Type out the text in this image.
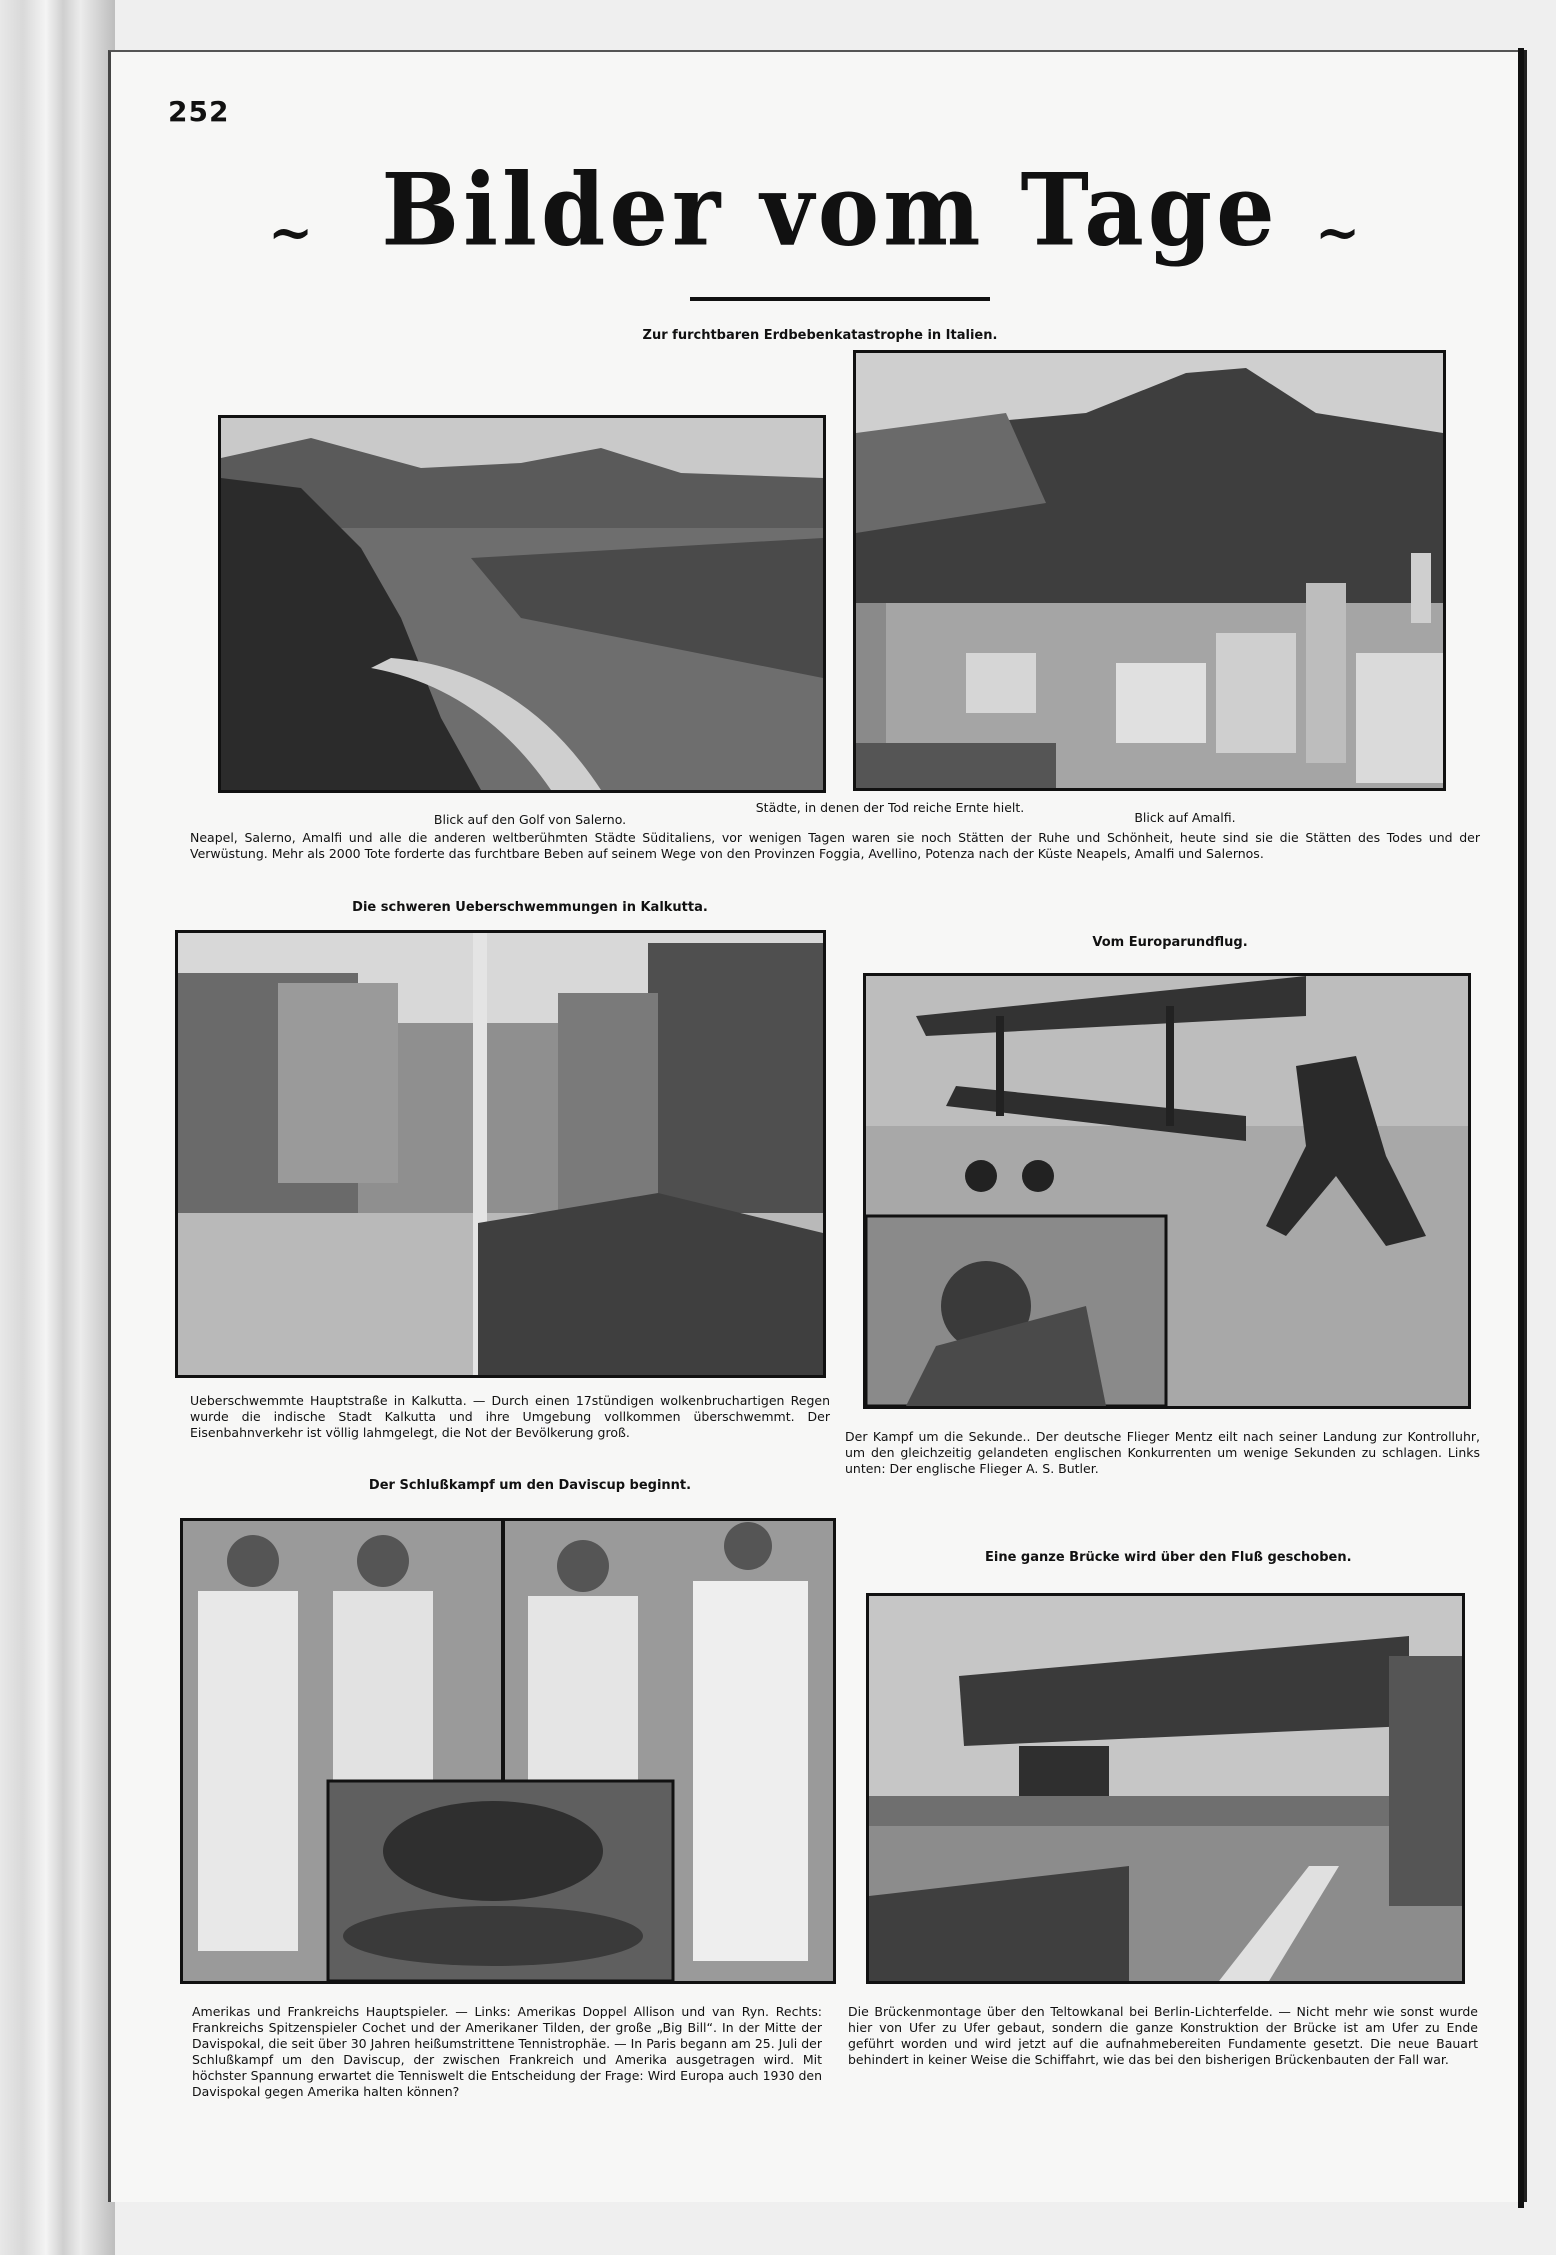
252
~ Bilder vom Tage ~
Zur furchtbaren Erdbebenkatastrophe in Italien.
Blick auf den Golf von Salerno.
Städte, in denen der Tod reiche Ernte hielt.
Blick auf Amalfi.
Neapel, Salerno, Amalfi und alle die anderen weltberühmten Städte Süditaliens, vor wenigen Tagen waren sie noch Stätten der Ruhe und Schönheit, heute sind sie die Stätten des Todes und der Verwüstung. Mehr als 2000 Tote forderte das furchtbare Beben auf seinem Wege von den Provinzen Foggia, Avellino, Potenza nach der Küste Neapels, Amalfi und Salernos.
Die schweren Ueberschwemmungen in Kalkutta.
Ueberschwemmte Hauptstraße in Kalkutta. — Durch einen 17stündigen wolkenbruchartigen Regen wurde die indische Stadt Kalkutta und ihre Umgebung vollkommen überschwemmt. Der Eisenbahnverkehr ist völlig lahmgelegt, die Not der Bevölkerung groß.
Vom Europarundflug.
Der Kampf um die Sekunde.. Der deutsche Flieger Mentz eilt nach seiner Landung zur Kontrolluhr, um den gleichzeitig gelandeten englischen Konkurrenten um wenige Sekunden zu schlagen. Links unten: Der englische Flieger A. S. Butler.
Der Schlußkampf um den Daviscup beginnt.
Amerikas und Frankreichs Hauptspieler. — Links: Amerikas Doppel Allison und van Ryn. Rechts: Frankreichs Spitzenspieler Cochet und der Amerikaner Tilden, der große „Big Bill“. In der Mitte der Davispokal, die seit über 30 Jahren heißumstrittene Tennistrophäe. — In Paris begann am 25. Juli der Schlußkampf um den Daviscup, der zwischen Frankreich und Amerika ausgetragen wird. Mit höchster Spannung erwartet die Tenniswelt die Entscheidung der Frage: Wird Europa auch 1930 den Davispokal gegen Amerika halten können?
Eine ganze Brücke wird über den Fluß geschoben.
Die Brückenmontage über den Teltowkanal bei Berlin-Lichterfelde. — Nicht mehr wie sonst wurde hier von Ufer zu Ufer gebaut, sondern die ganze Konstruktion der Brücke ist am Ufer zu Ende geführt worden und wird jetzt auf die aufnahmebereiten Fundamente gesetzt. Die neue Bauart behindert in keiner Weise die Schiffahrt, wie das bei den bisherigen Brückenbauten der Fall war.
